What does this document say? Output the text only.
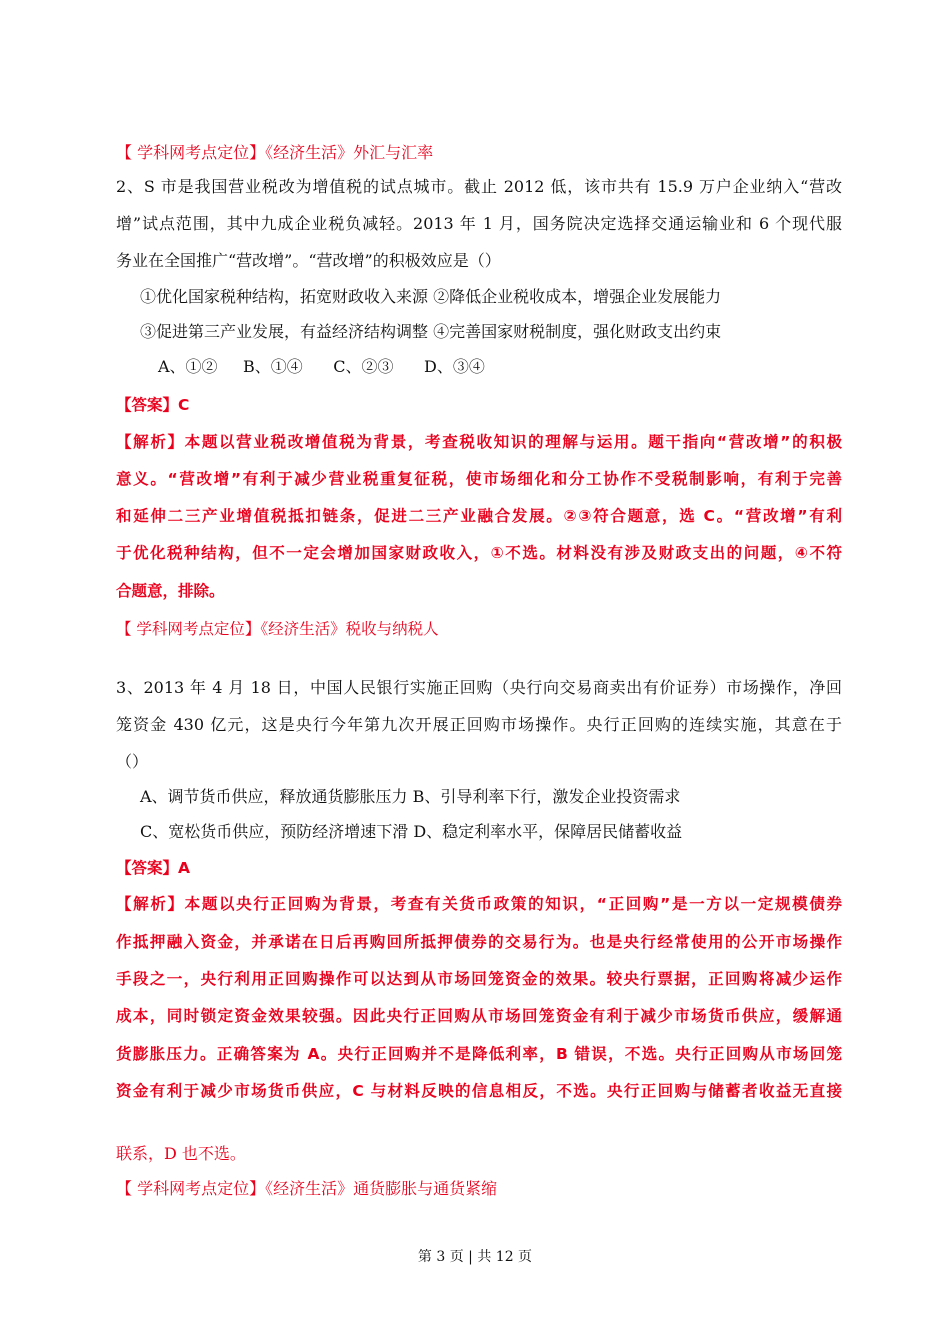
【 学科网考点定位】《经济生活》外汇与汇率
2、S 市是我国营业税改为增值税的试点城市。截止 2012 低，该市共有 15.9 万户企业纳入“营改
增”试点范围，其中九成企业税负减轻。2013 年 1 月，国务院决定选择交通运输业和 6 个现代服
务业在全国推广“营改增”。“营改增”的积极效应是（）
①优化国家税种结构，拓宽财政收入来源 ②降低企业税收成本，增强企业发展能力
③促进第三产业发展，有益经济结构调整 ④完善国家财税制度，强化财政支出约束
A、①② B、①④ C、②③ D、③④
【答案】C
【解析】本题以营业税改增值税为背景，考查税收知识的理解与运用。题干指向“营改增”的积极
意义。“营改增”有利于减少营业税重复征税，使市场细化和分工协作不受税制影响，有利于完善
和延伸二三产业增值税抵扣链条，促进二三产业融合发展。②③符合题意，选 C。“营改增”有利
于优化税种结构，但不一定会增加国家财政收入，①不选。材料没有涉及财政支出的问题，④不符
合题意，排除。
【 学科网考点定位】《经济生活》税收与纳税人
3、2013 年 4 月 18 日，中国人民银行实施正回购（央行向交易商卖出有价证券）市场操作，净回
笼资金 430 亿元，这是央行今年第九次开展正回购市场操作。央行正回购的连续实施，其意在于
（）
A、调节货币供应，释放通货膨胀压力 B、引导利率下行，激发企业投资需求
C、宽松货币供应，预防经济增速下滑 D、稳定利率水平，保障居民储蓄收益
【答案】A
【解析】本题以央行正回购为背景，考查有关货币政策的知识，“正回购”是一方以一定规模债券
作抵押融入资金，并承诺在日后再购回所抵押债券的交易行为。也是央行经常使用的公开市场操作
手段之一，央行利用正回购操作可以达到从市场回笼资金的效果。较央行票据，正回购将减少运作
成本，同时锁定资金效果较强。因此央行正回购从市场回笼资金有利于减少市场货币供应，缓解通
货膨胀压力。正确答案为 A。央行正回购并不是降低利率，B 错误，不选。央行正回购从市场回笼
资金有利于减少市场货币供应，C 与材料反映的信息相反，不选。央行正回购与储蓄者收益无直接
联系，D 也不选。
【 学科网考点定位】《经济生活》通货膨胀与通货紧缩
第 3 页 | 共 12 页
